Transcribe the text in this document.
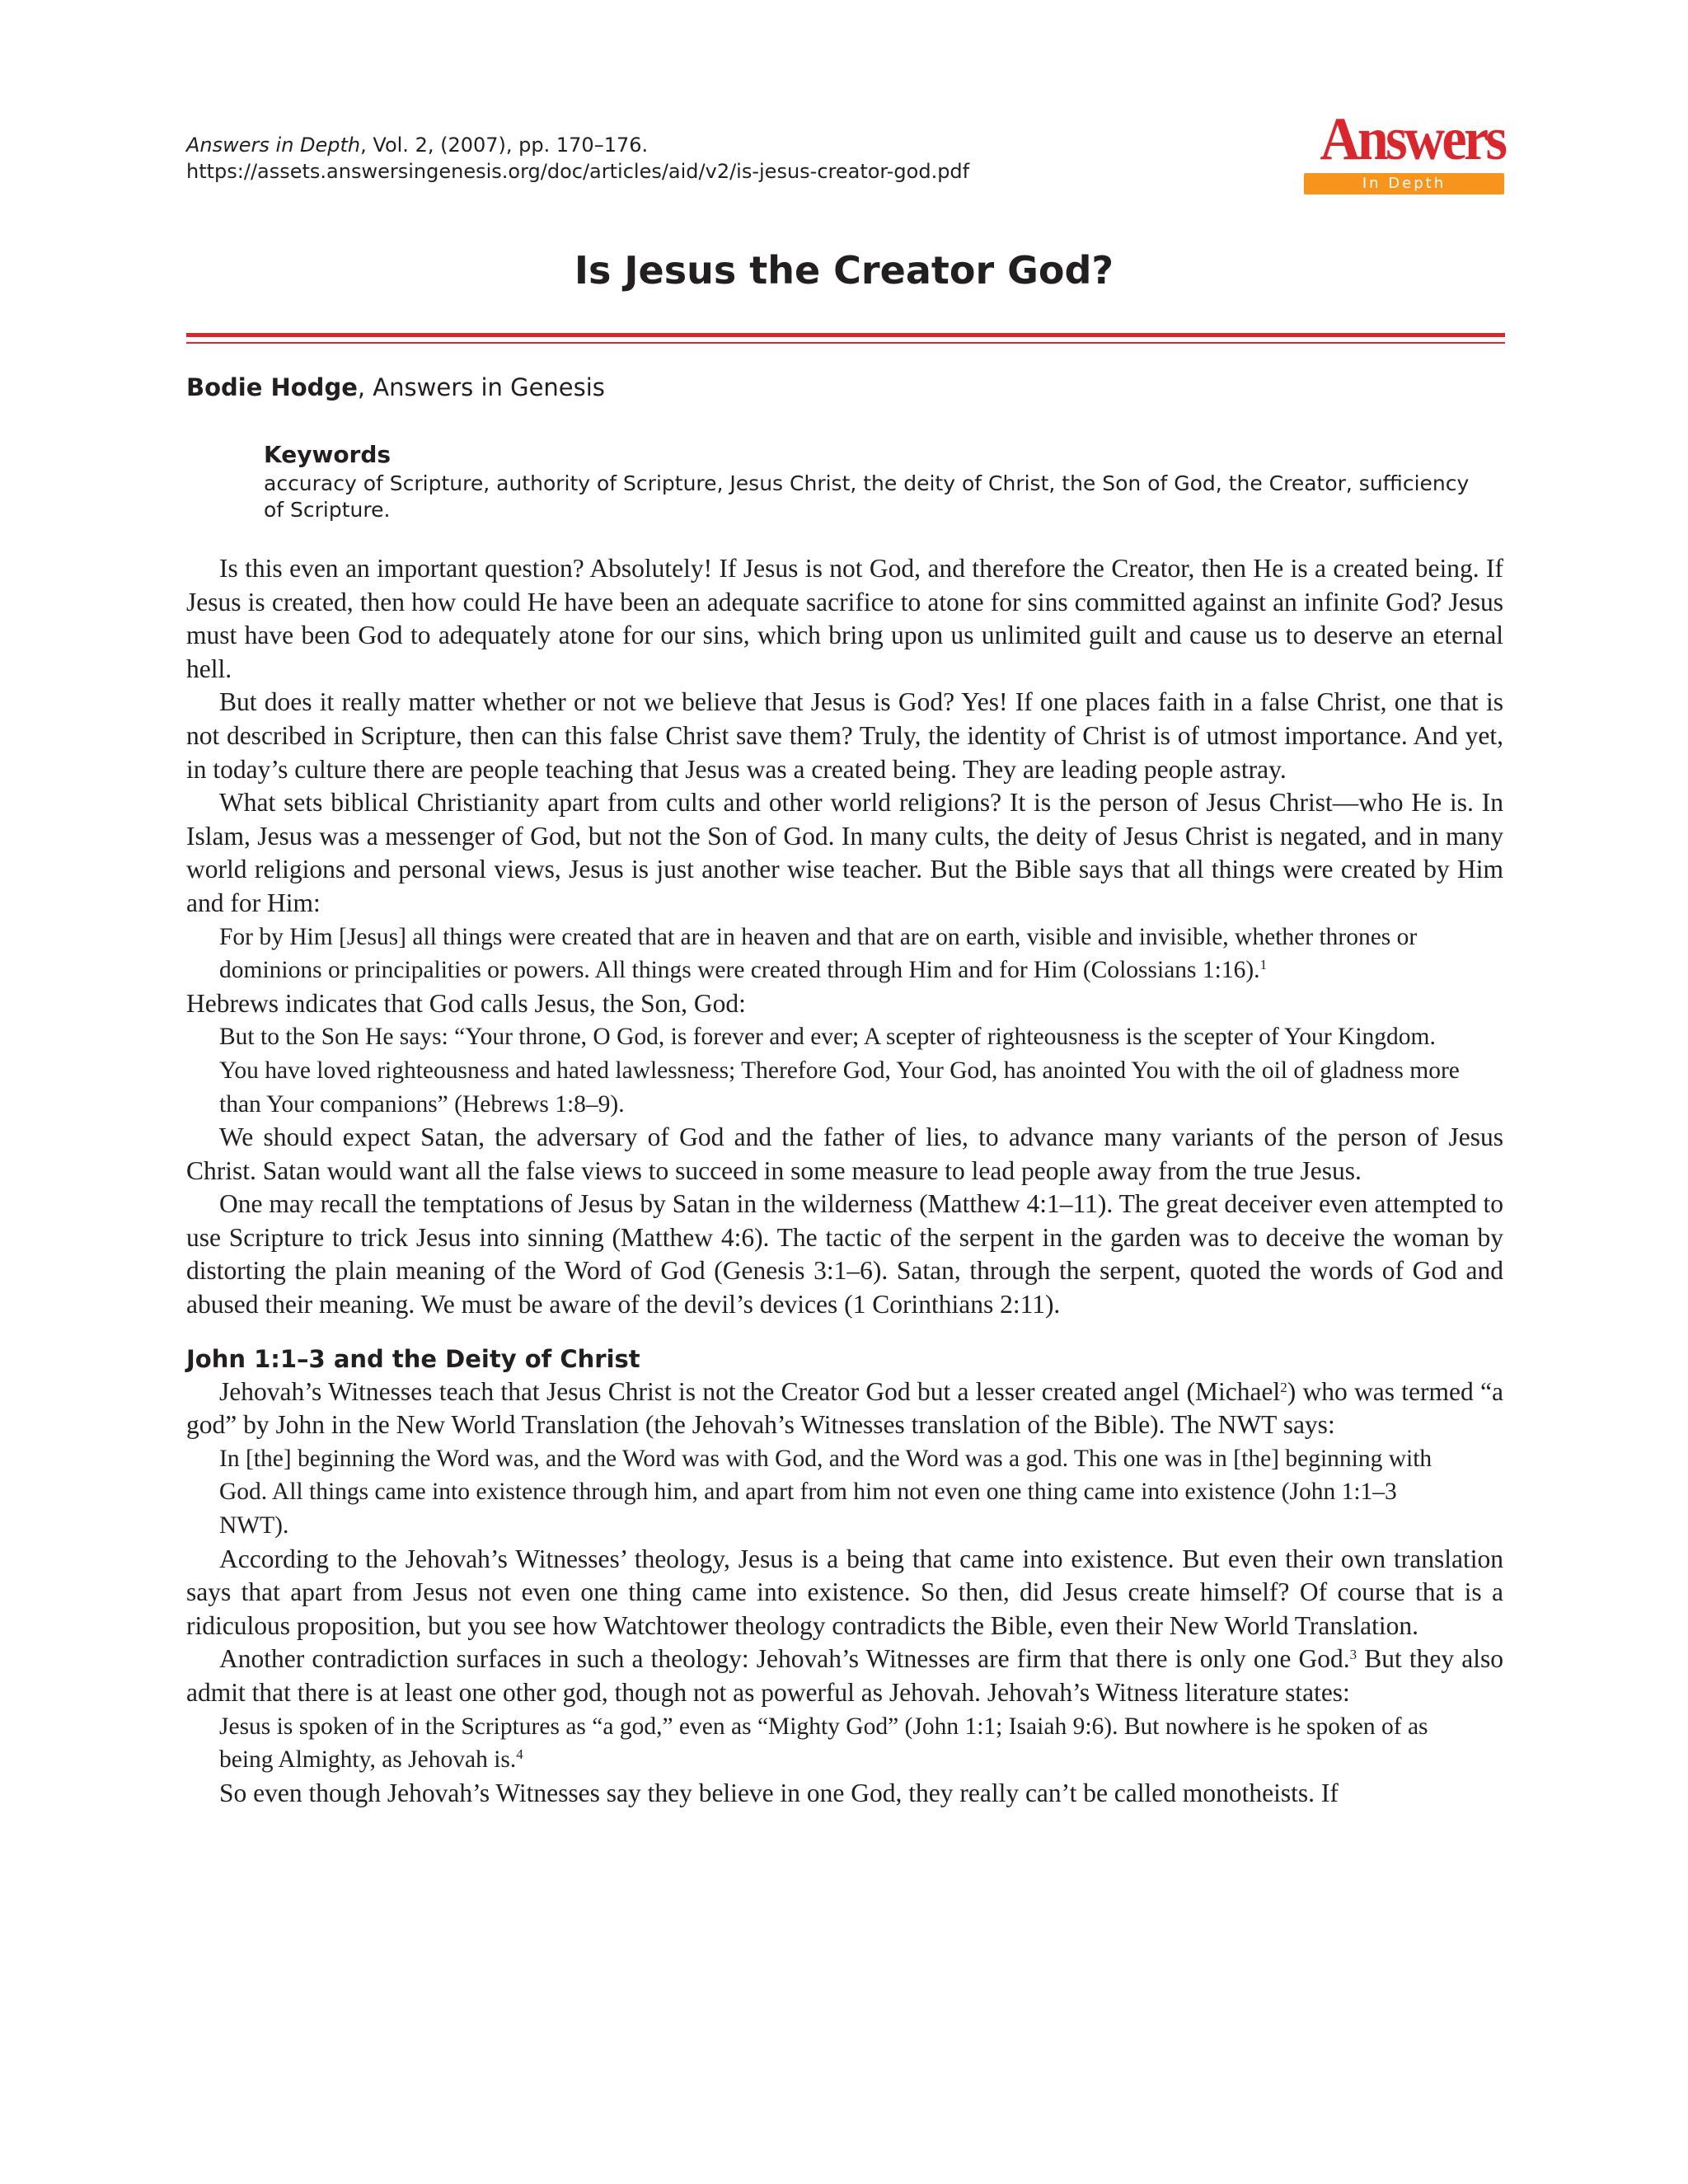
Answers in Depth, Vol. 2, (2007), pp. 170–176.
https://assets.answersingenesis.org/doc/articles/aid/v2/is-jesus-creator-god.pdf	Answers
In Depth
Is Jesus the Creator God?
Bodie Hodge, Answers in Genesis
Keywords
accuracy of Scripture, authority of Scripture, Jesus Christ, the deity of Christ, the Son of God, the Creator, sufficiency of Scripture.

Is this even an important question? Absolutely! If Jesus is not God, and therefore the Creator, then He is a created being. If Jesus is created, then how could He have been an adequate sacrifice to atone for sins committed against an infinite God? Jesus must have been God to adequately atone for our sins, which bring upon us unlimited guilt and cause us to deserve an eternal hell.

But does it really matter whether or not we believe that Jesus is God? Yes! If one places faith in a false Christ, one that is not described in Scripture, then can this false Christ save them? Truly, the identity of Christ is of utmost importance. And yet, in today’s culture there are people teaching that Jesus was a created being. They are leading people astray.

What sets biblical Christianity apart from cults and other world religions? It is the person of Jesus Christ—who He is. In Islam, Jesus was a messenger of God, but not the Son of God. In many cults, the deity of Jesus Christ is negated, and in many world religions and personal views, Jesus is just another wise teacher. But the Bible says that all things were created by Him and for Him:

For by Him [Jesus] all things were created that are in heaven and that are on earth, visible and invisible, whether thrones or dominions or principalities or powers. All things were created through Him and for Him (Colossians 1:16).$^1$

Hebrews indicates that God calls Jesus, the Son, God:

But to the Son He says: “Your throne, O God, is forever and ever; A scepter of righteousness is the scepter of Your Kingdom. You have loved righteousness and hated lawlessness; Therefore God, Your God, has anointed You with the oil of gladness more than Your companions” (Hebrews 1:8–9).

We should expect Satan, the adversary of God and the father of lies, to advance many variants of the person of Jesus Christ. Satan would want all the false views to succeed in some measure to lead people away from the true Jesus.

One may recall the temptations of Jesus by Satan in the wilderness (Matthew 4:1–11). The great deceiver even attempted to use Scripture to trick Jesus into sinning (Matthew 4:6). The tactic of the serpent in the garden was to deceive the woman by distorting the plain meaning of the Word of God (Genesis 3:1–6). Satan, through the serpent, quoted the words of God and abused their meaning. We must be aware of the devil’s devices (1 Corinthians 2:11).

John 1:1–3 and the Deity of Christ

Jehovah’s Witnesses teach that Jesus Christ is not the Creator God but a lesser created angel (Michael$^2$) who was termed “a god” by John in the New World Translation (the Jehovah’s Witnesses translation of the Bible). The NWT says:

In [the] beginning the Word was, and the Word was with God, and the Word was a god. This one was in [the] beginning with God. All things came into existence through him, and apart from him not even one thing came into existence (John 1:1–3 NWT).

According to the Jehovah’s Witnesses’ theology, Jesus is a being that came into existence. But even their own translation says that apart from Jesus not even one thing came into existence. So then, did Jesus create himself? Of course that is a ridiculous proposition, but you see how Watchtower theology contradicts the Bible, even their New World Translation.

Another contradiction surfaces in such a theology: Jehovah’s Witnesses are firm that there is only one God.$^3$ But they also admit that there is at least one other god, though not as powerful as Jehovah. Jehovah’s Witness literature states:

Jesus is spoken of in the Scriptures as “a god,” even as “Mighty God” (John 1:1; Isaiah 9:6). But nowhere is he spoken of as being Almighty, as Jehovah is.$^4$

So even though Jehovah’s Witnesses say they believe in one God, they really can’t be called monotheists. If
